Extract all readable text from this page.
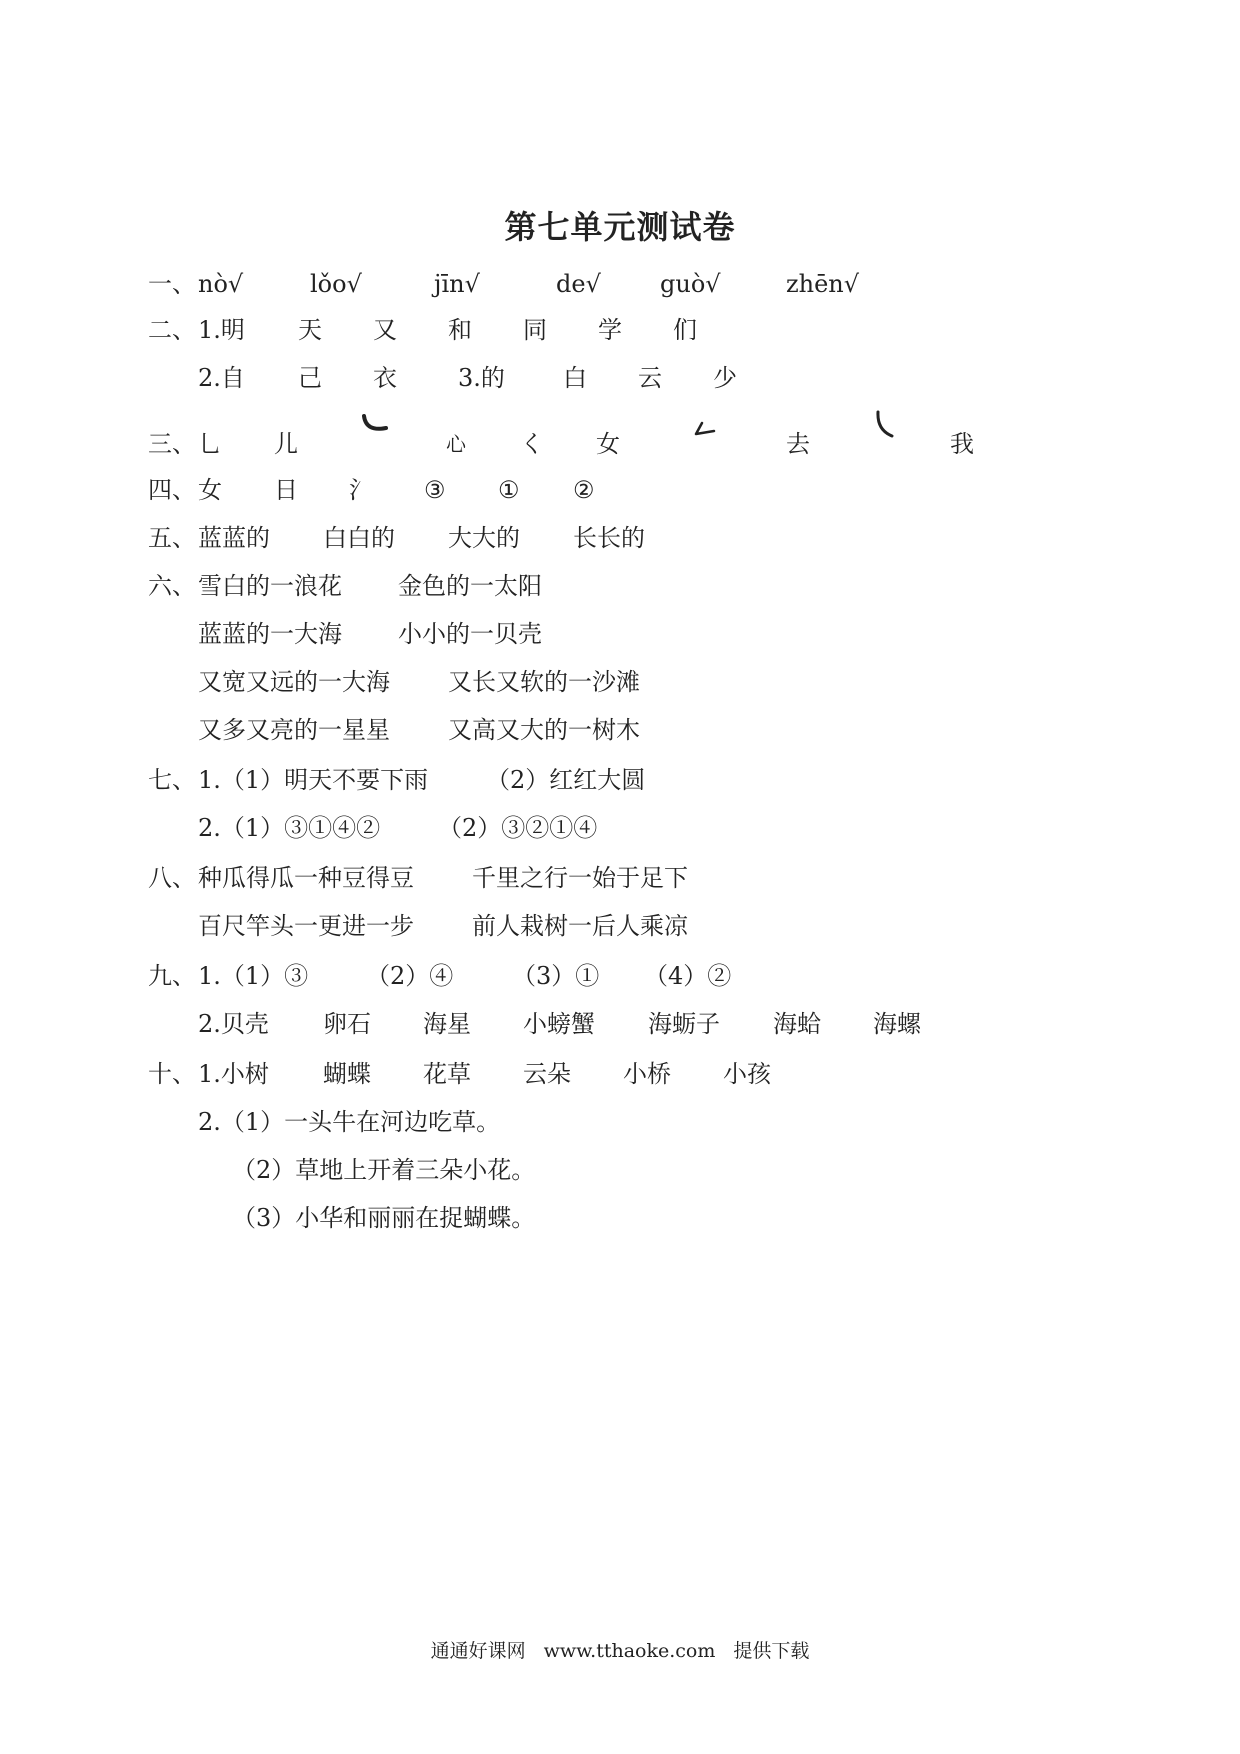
第七单元测试卷
一、 nò√	lǒo√	jīn√	de√ guò√	zhēn√
二、 1.明 天 又 和 同 学 们
2.自 己 衣	3.的 白 云 少
三、 乚 儿	心 く 女	去	我
四、 女 日 氵 ③ ① ②
五、 蓝蓝的 白白的 大大的 长长的
六、 雪白的一浪花 金色的一太阳
蓝蓝的一大海 小小的一贝壳
又宽又远的一大海 又长又软的一沙滩
又多又亮的一星星 又高又大的一树木
七、 1.（1）明天不要下雨 （2）红红大圆
2.（1）③①④② （2）③②①④
八、 种瓜得瓜一种豆得豆 千里之行一始于足下
百尺竿头一更进一步 前人栽树一后人乘凉
九、 1.（1）③ （2）④ （3）① （4）②
2.贝壳 卵石 海星 小螃蟹 海蛎子 海蛤 海螺
十、 1.小树 蝴蝶 花草 云朵 小桥 小孩
2.（1）一头牛在河边吃草。
（2）草地上开着三朵小花。
（3）小华和丽丽在捉蝴蝶。
通通好课网 www.tthaoke.com 提供下载
